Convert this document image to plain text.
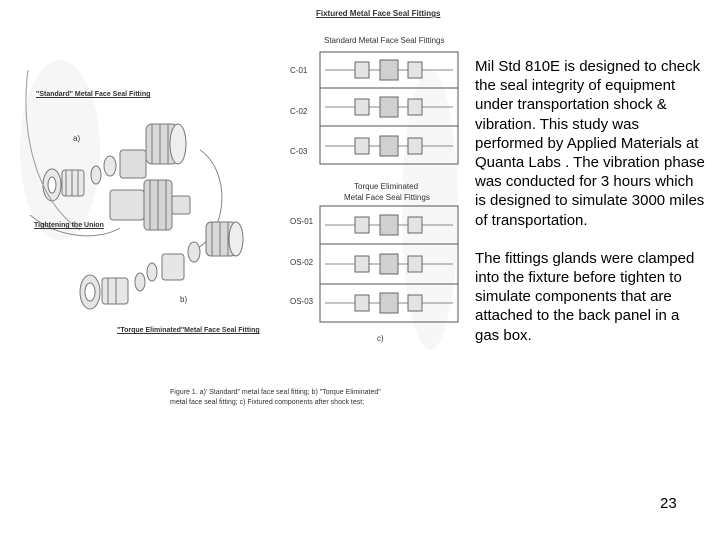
Fixtured Metal Face Seal Fittings
Standard Metal Face Seal Fittings
"Standard" Metal Face Seal Fitting
a)
Tightening the Union
b)
"Torque Eliminated"Metal Face Seal Fitting
c)
Torque Eliminated
Metal Face Seal Fittings
C-01
C-02
C-03
OS-01
OS-02
OS-03
Figure 1. a)' Standard" metal face seal fitting; b) "Torque Eliminated"
metal face seal fitting; c) Fixtured components after shock test;

Mil Std 810E is designed to check the seal integrity of equipment under transportation shock & vibration. This study was performed by Applied Materials at Quanta Labs . The vibration phase was conducted for 3 hours which is designed to simulate 3000 miles of transportation.

The fittings glands were clamped into the fixture before tighten to simulate components that are attached to the back panel in a gas box.

23
